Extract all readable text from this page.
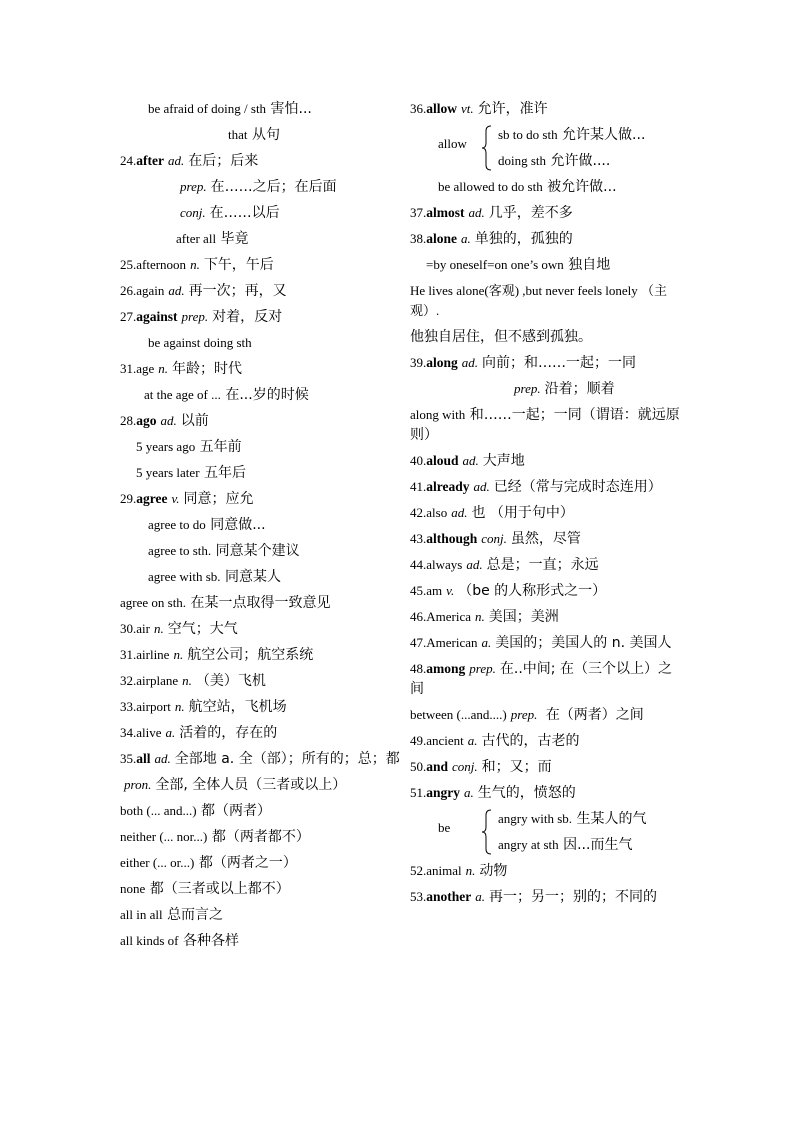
be afraid of doing / sth 害怕...
that 从句
24.after ad. 在后；后来
prep. 在……之后；在后面
conj. 在……以后
after all 毕竟
25.afternoon n. 下午，午后
26.again ad. 再一次；再，又
27.against prep. 对着，反对
be against doing sth
31.age n. 年龄；时代
at the age of ... 在...岁的时候
28.ago ad. 以前
5 years ago 五年前
5 years later 五年后
29.agree v. 同意；应允
agree to do 同意做...
agree to sth. 同意某个建议
agree with sb. 同意某人
agree on sth. 在某一点取得一致意见
30.air n. 空气；大气
31.airline n. 航空公司；航空系统
32.airplane n. （美）飞机
33.airport n. 航空站，飞机场
34.alive a. 活着的，存在的
35.all ad. 全部地 a. 全（部）；所有的；总；都
pron. 全部, 全体人员（三者或以上）
both (... and...) 都（两者）
neither (... nor...) 都（两者都不）
either (... or...) 都（两者之一）
none 都（三者或以上都不）
all in all 总而言之
all kinds of 各种各样
36.allow vt. 允许，准许
allow
sb to do sth 允许某人做...
doing sth 允许做....
be allowed to do sth 被允许做...
37.almost ad. 几乎，差不多
38.alone a. 单独的，孤独的
=by oneself=on one’s own 独自地
He lives alone(客观) ,but never feels lonely （主观）.
他独自居住，但不感到孤独。
39.along ad. 向前；和……一起；一同
prep. 沿着；顺着
along with 和……一起；一同（谓语：就远原则）
40.aloud ad. 大声地
41.already ad. 已经（常与完成时态连用）
42.also ad. 也 （用于句中）
43.although conj. 虽然，尽管
44.always ad. 总是；一直；永远
45.am v. （be 的人称形式之一）
46.America n. 美国；美洲
47.American a. 美国的；美国人的 n. 美国人
48.among prep. 在..中间; 在（三个以上）之间
between (...and....) prep. 在（两者）之间
49.ancient a. 古代的，古老的
50.and conj. 和；又；而
51.angry a. 生气的，愤怒的
be
angry with sb. 生某人的气
angry at sth 因...而生气
52.animal n. 动物
53.another a. 再一；另一；别的；不同的
